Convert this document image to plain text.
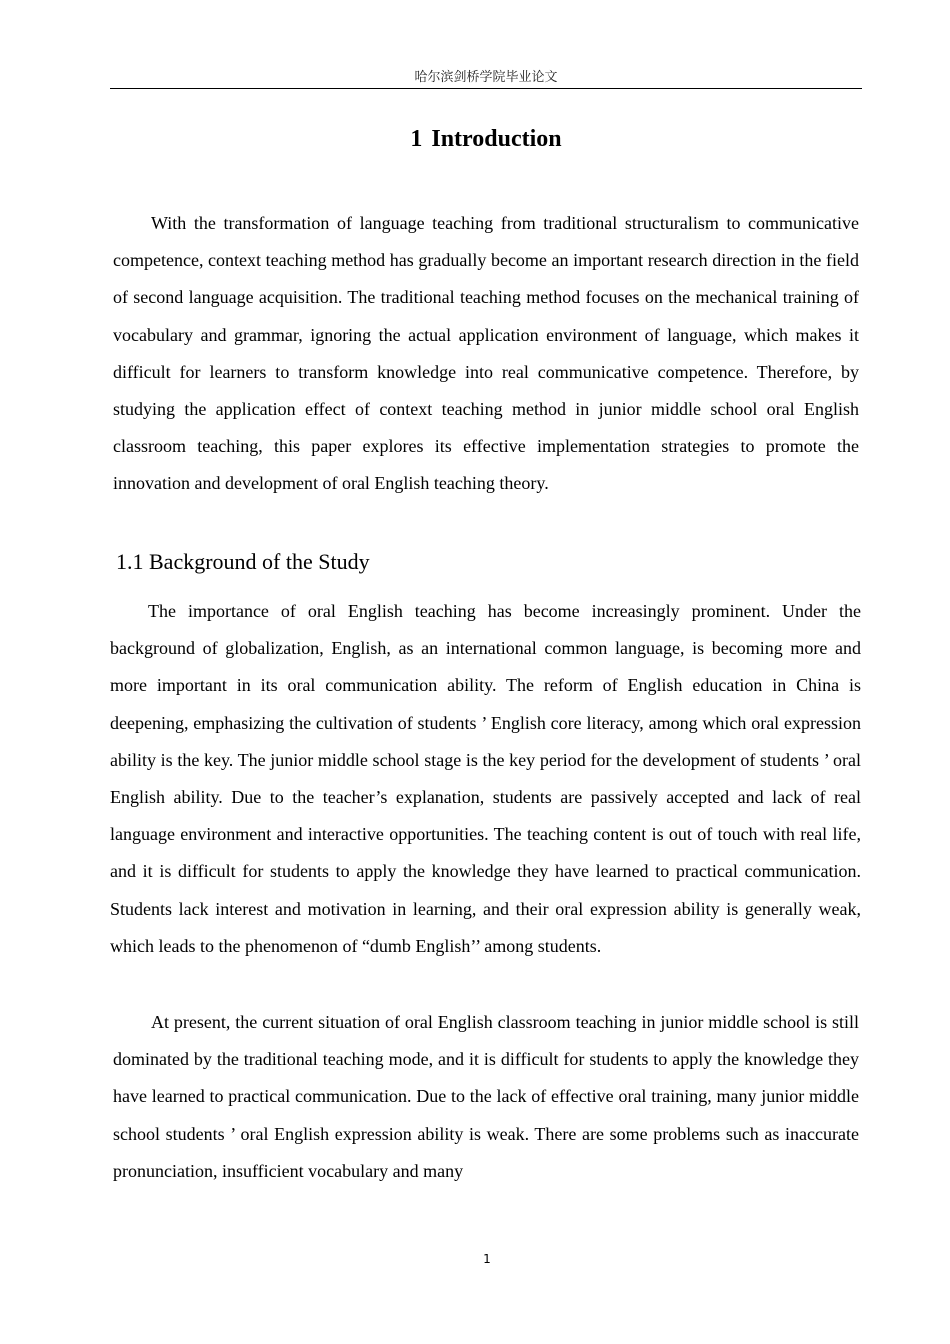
哈尔滨剑桥学院毕业论文
1 Introduction

With the transformation of language teaching from traditional structuralism to communicative competence, context teaching method has gradually become an important research direction in the field of second language acquisition. The traditional teaching method focuses on the mechanical training of vocabulary and grammar, ignoring the actual application environment of language, which makes it difficult for learners to transform knowledge into real communicative competence. Therefore, by studying the application effect of context teaching method in junior middle school oral English classroom teaching, this paper explores its effective implementation strategies to promote the innovation and development of oral English teaching theory.

1.1 Background of the Study

The importance of oral English teaching has become increasingly prominent. Under the background of globalization, English, as an international common language, is becoming more and more important in its oral communication ability. The reform of English education in China is deepening, emphasizing the cultivation of students ’ English core literacy, among which oral expression ability is the key. The junior middle school stage is the key period for the development of students ’ oral English ability. Due to the teacher’s explanation, students are passively accepted and lack of real language environment and interactive opportunities. The teaching content is out of touch with real life, and it is difficult for students to apply the knowledge they have learned to practical communication. Students lack interest and motivation in learning, and their oral expression ability is generally weak, which leads to the phenomenon of “dumb English’’ among students.

At present, the current situation of oral English classroom teaching in junior middle school is still dominated by the traditional teaching mode, and it is difficult for students to apply the knowledge they have learned to practical communication. Due to the lack of effective oral training, many junior middle school students ’ oral English expression ability is weak. There are some problems such as inaccurate pronunciation, insufficient vocabulary and many

1
